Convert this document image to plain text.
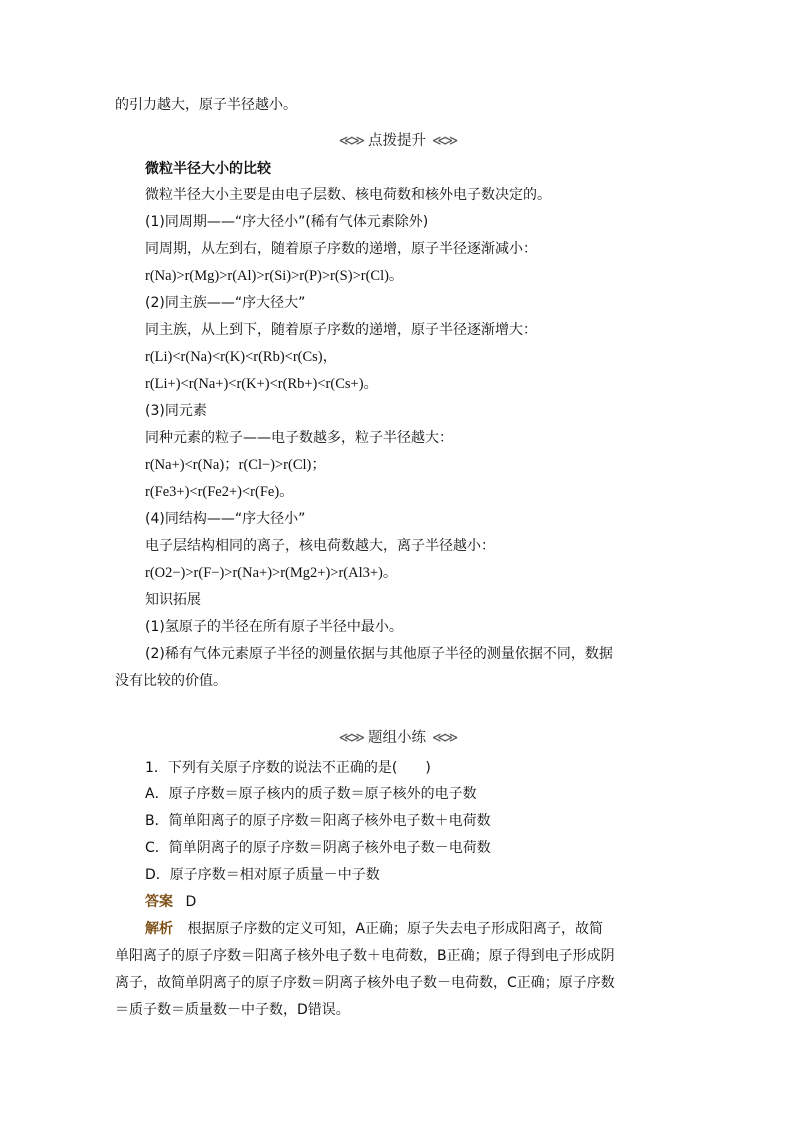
的引力越大，原子半径越小。
≪≫ 点拨提升 ≪≫
微粒半径大小的比较
微粒半径大小主要是由电子层数、核电荷数和核外电子数决定的。
(1)同周期——“序大径小”(稀有气体元素除外)
同周期，从左到右，随着原子序数的递增，原子半径逐渐减小：
r(Na)>r(Mg)>r(Al)>r(Si)>r(P)>r(S)>r(Cl)。
(2)同主族——“序大径大”
同主族，从上到下，随着原子序数的递增，原子半径逐渐增大：
r(Li)<r(Na)<r(K)<r(Rb)<r(Cs)，
r(Li+)<r(Na+)<r(K+)<r(Rb+)<r(Cs+)。
(3)同元素
同种元素的粒子——电子数越多，粒子半径越大：
r(Na+)<r(Na)；r(Cl−)>r(Cl)；
r(Fe3+)<r(Fe2+)<r(Fe)。
(4)同结构——“序大径小”
电子层结构相同的离子，核电荷数越大，离子半径越小：
r(O2−)>r(F−)>r(Na+)>r(Mg2+)>r(Al3+)。
知识拓展
(1)氢原子的半径在所有原子半径中最小。
(2)稀有气体元素原子半径的测量依据与其他原子半径的测量依据不同，数据
没有比较的价值。
≪≫ 题组小练 ≪≫
1．下列有关原子序数的说法不正确的是(　　)
A．原子序数＝原子核内的质子数＝原子核外的电子数
B．简单阳离子的原子序数＝阳离子核外电子数＋电荷数
C．简单阴离子的原子序数＝阴离子核外电子数－电荷数
D．原子序数＝相对原子质量－中子数
答案 D
解析 根据原子序数的定义可知，A正确；原子失去电子形成阳离子，故简
单阳离子的原子序数＝阳离子核外电子数＋电荷数，B正确；原子得到电子形成阴
离子，故简单阴离子的原子序数＝阴离子核外电子数－电荷数，C正确；原子序数
＝质子数＝质量数－中子数，D错误。
